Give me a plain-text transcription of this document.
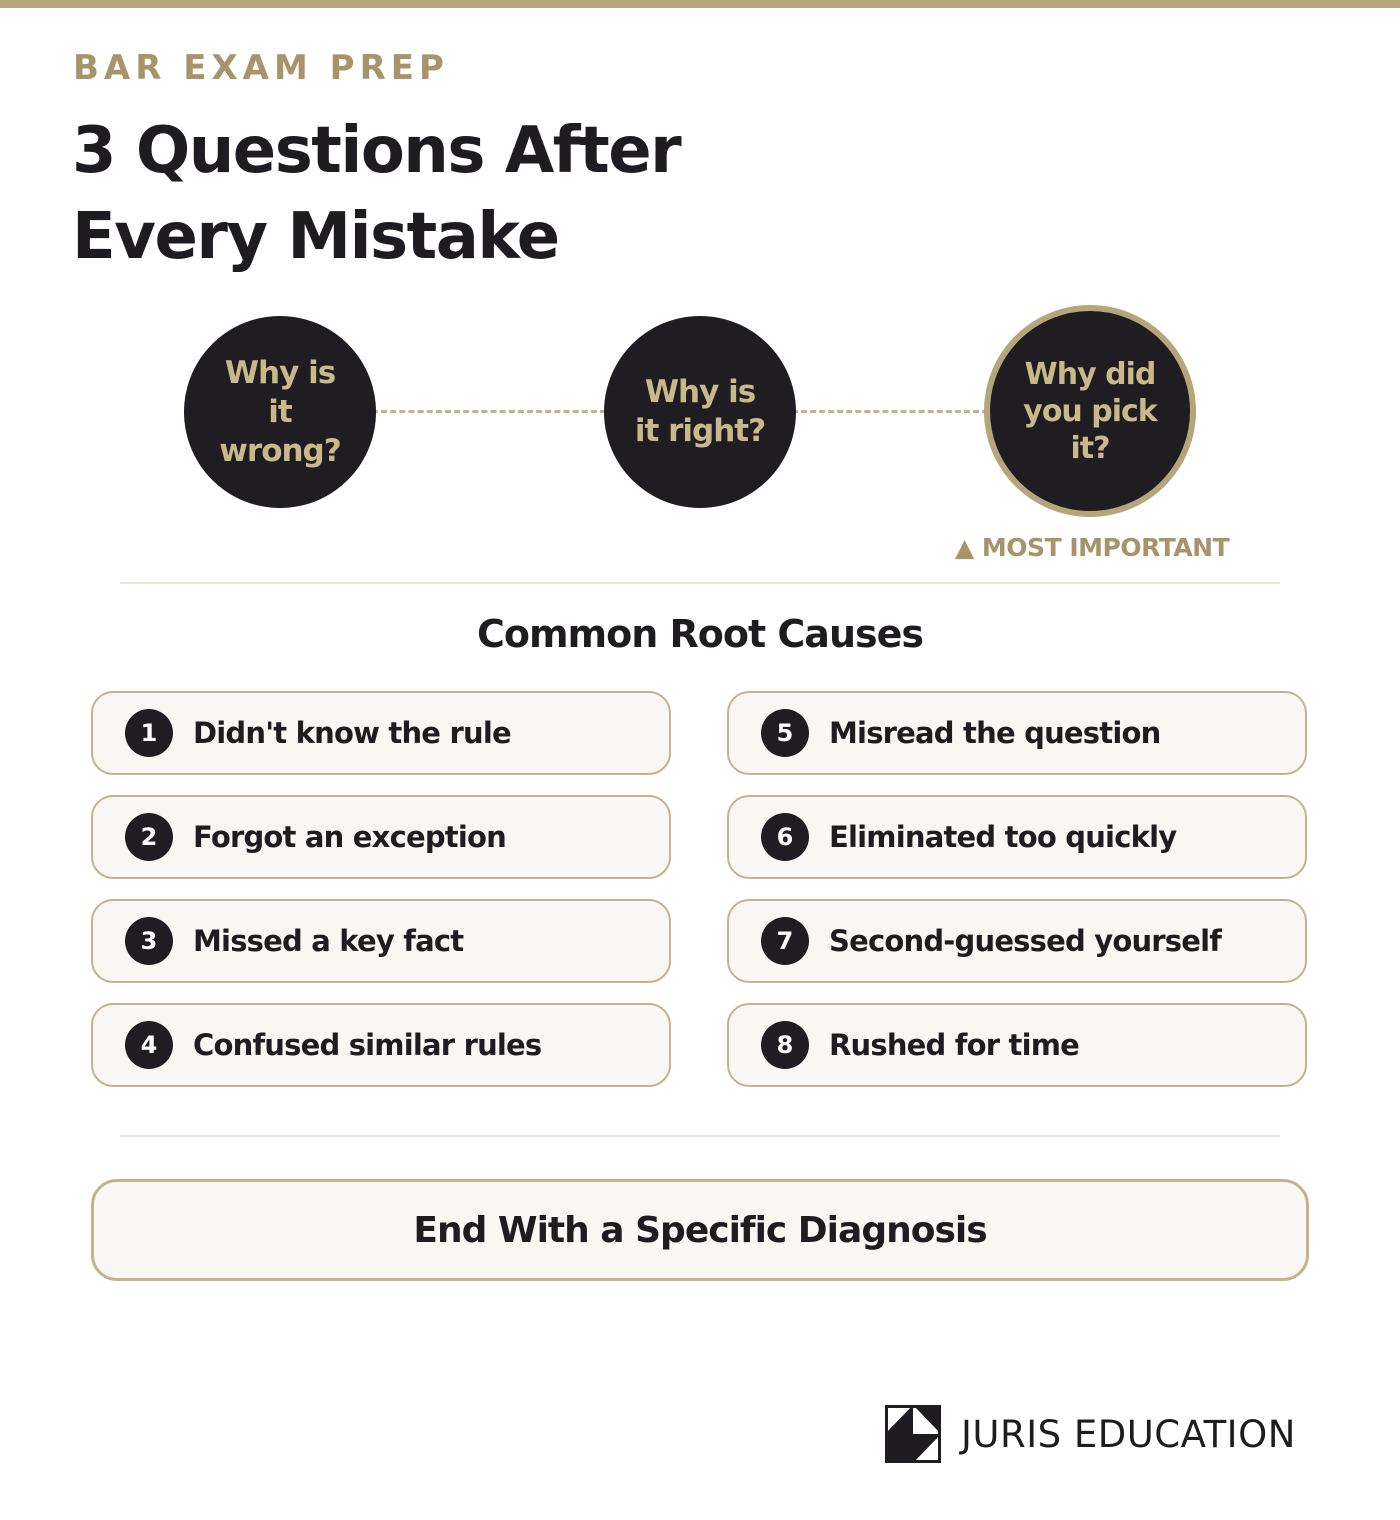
BAR EXAM PREP
3 Questions After Every Mistake
Why is it wrong?
Why is it right?
Why did you pick it?
▲ MOST IMPORTANT
Common Root Causes
1	Didn't know the rule
2	Forgot an exception
3	Missed a key fact
4	Confused similar rules
5	Misread the question
6	Eliminated too quickly
7	Second-guessed yourself
8	Rushed for time
End With a Specific Diagnosis
JURIS EDUCATION
